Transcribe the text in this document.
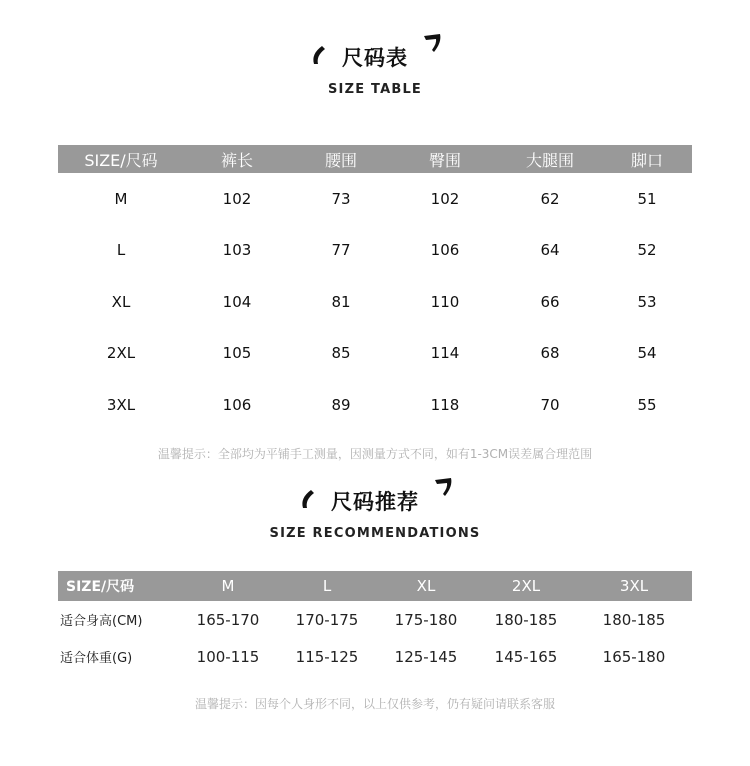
尺码表
SIZE TABLE
SIZE/尺码	裤长	腰围	臀围	大腿围	脚口
M	102	73	102	62	51
L	103	77	106	64	52
XL	104	81	110	66	53
2XL	105	85	114	68	54
3XL	106	89	118	70	55
温馨提示：全部均为平铺手工测量，因测量方式不同，如有1-3CM误差属合理范围
尺码推荐
SIZE RECOMMENDATIONS
SIZE/尺码	M	L	XL	2XL	3XL
适合身高(CM)	165-170	170-175	175-180	180-185	180-185
适合体重(G)	100-115	115-125	125-145	145-165	165-180
温馨提示：因每个人身形不同，以上仅供参考，仍有疑问请联系客服
